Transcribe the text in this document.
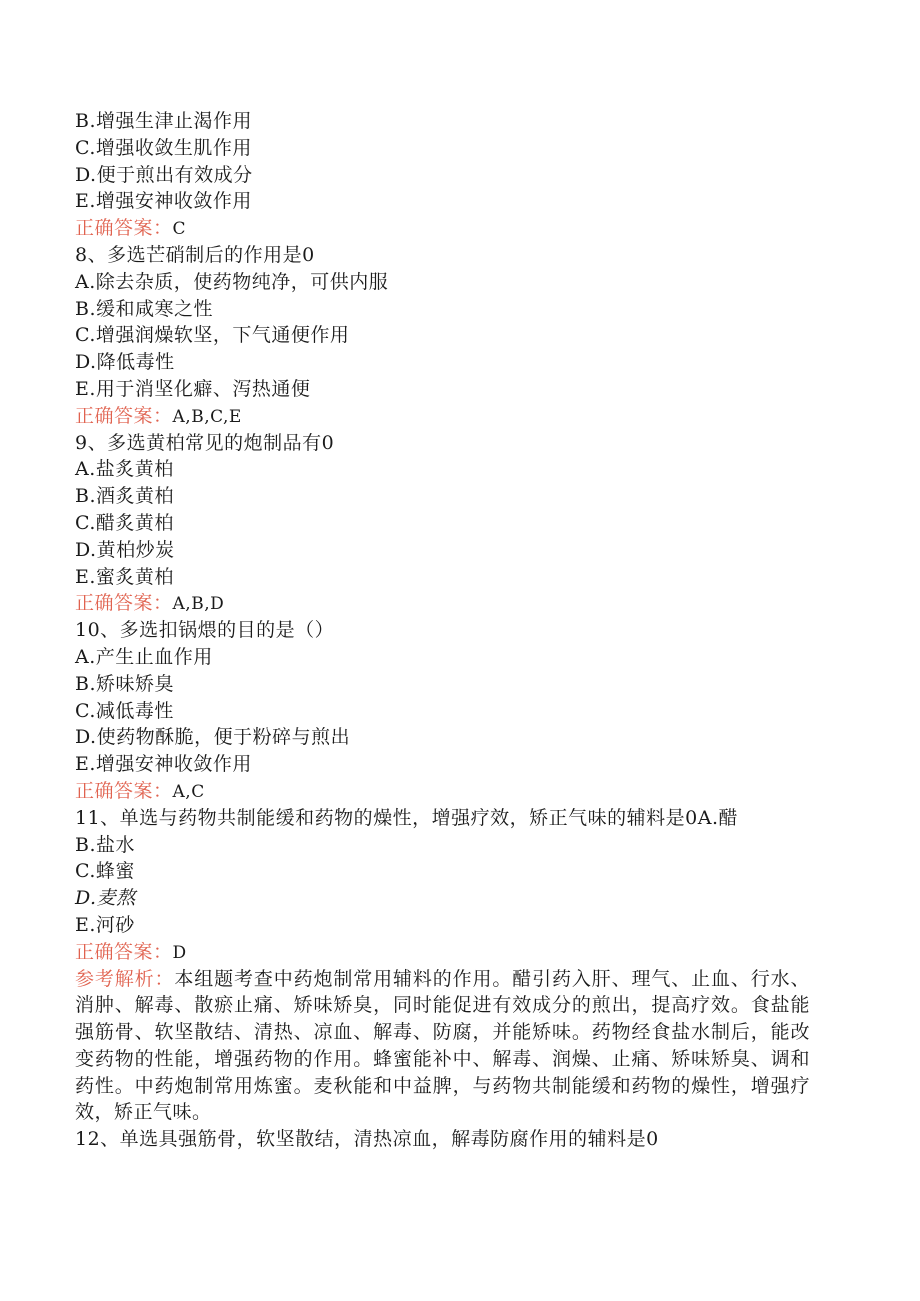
B.增强生津止渴作用
C.增强收敛生肌作用
D.便于煎出有效成分
E.增强安神收敛作用
正确答案：C
8、多选芒硝制后的作用是0
A.除去杂质，使药物纯净，可供内服
B.缓和咸寒之性
C.增强润燥软坚，下气通便作用
D.降低毒性
E.用于消坚化癖、泻热通便
正确答案：A,B,C,E
9、多选黄柏常见的炮制品有0
A.盐炙黄柏
B.酒炙黄柏
C.醋炙黄柏
D.黄柏炒炭
E.蜜炙黄柏
正确答案：A,B,D
10、多选扣锅煨的目的是（）
A.产生止血作用
B.矫味矫臭
C.减低毒性
D.使药物酥脆，便于粉碎与煎出
E.增强安神收敛作用
正确答案：A,C
11、单选与药物共制能缓和药物的燥性，增强疗效，矫正气味的辅料是0A.醋
B.盐水
C.蜂蜜
D.麦熬
E.河砂
正确答案：D
参考解析：本组题考查中药炮制常用辅料的作用。醋引药入肝、理气、止血、行水、消肿、解毒、散瘀止痛、矫味矫臭，同时能促进有效成分的煎出，提高疗效。食盐能强筋骨、软坚散结、清热、凉血、解毒、防腐，并能矫味。药物经食盐水制后，能改变药物的性能，增强药物的作用。蜂蜜能补中、解毒、润燥、止痛、矫味矫臭、调和药性。中药炮制常用炼蜜。麦秋能和中益脾，与药物共制能缓和药物的燥性，增强疗效，矫正气味。
12、单选具强筋骨，软坚散结，清热凉血，解毒防腐作用的辅料是0
